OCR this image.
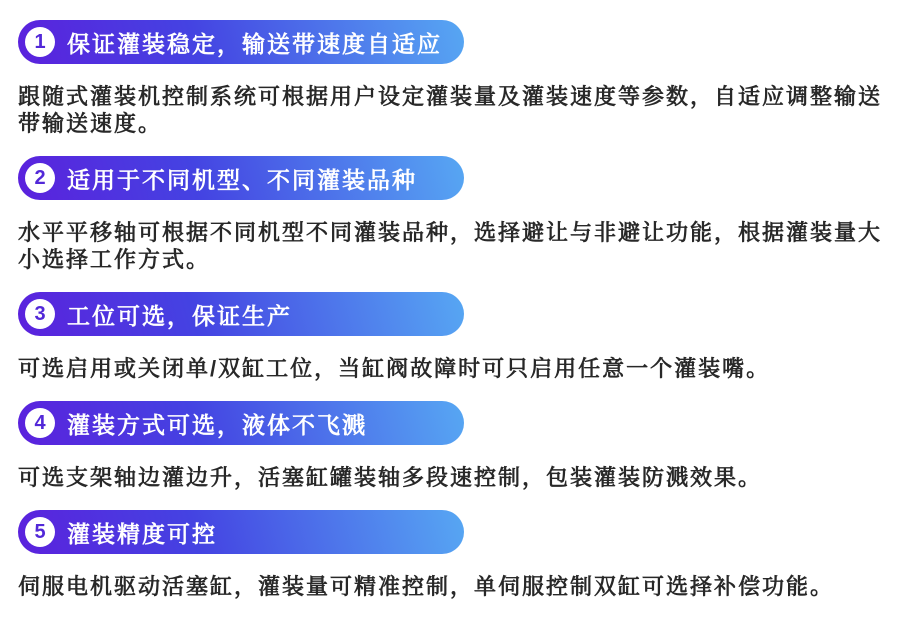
1 保证灌装稳定，输送带速度自适应

跟随式灌装机控制系统可根据用户设定灌装量及灌装速度等参数，自适应调整输送带输送速度。

2 适用于不同机型、不同灌装品种

水平平移轴可根据不同机型不同灌装品种，选择避让与非避让功能，根据灌装量大小选择工作方式。

3 工位可选，保证生产

可选启用或关闭单/双缸工位，当缸阀故障时可只启用任意一个灌装嘴。

4 灌装方式可选，液体不飞溅

可选支架轴边灌边升，活塞缸罐装轴多段速控制，包装灌装防溅效果。

5 灌装精度可控

伺服电机驱动活塞缸，灌装量可精准控制，单伺服控制双缸可选择补偿功能。
